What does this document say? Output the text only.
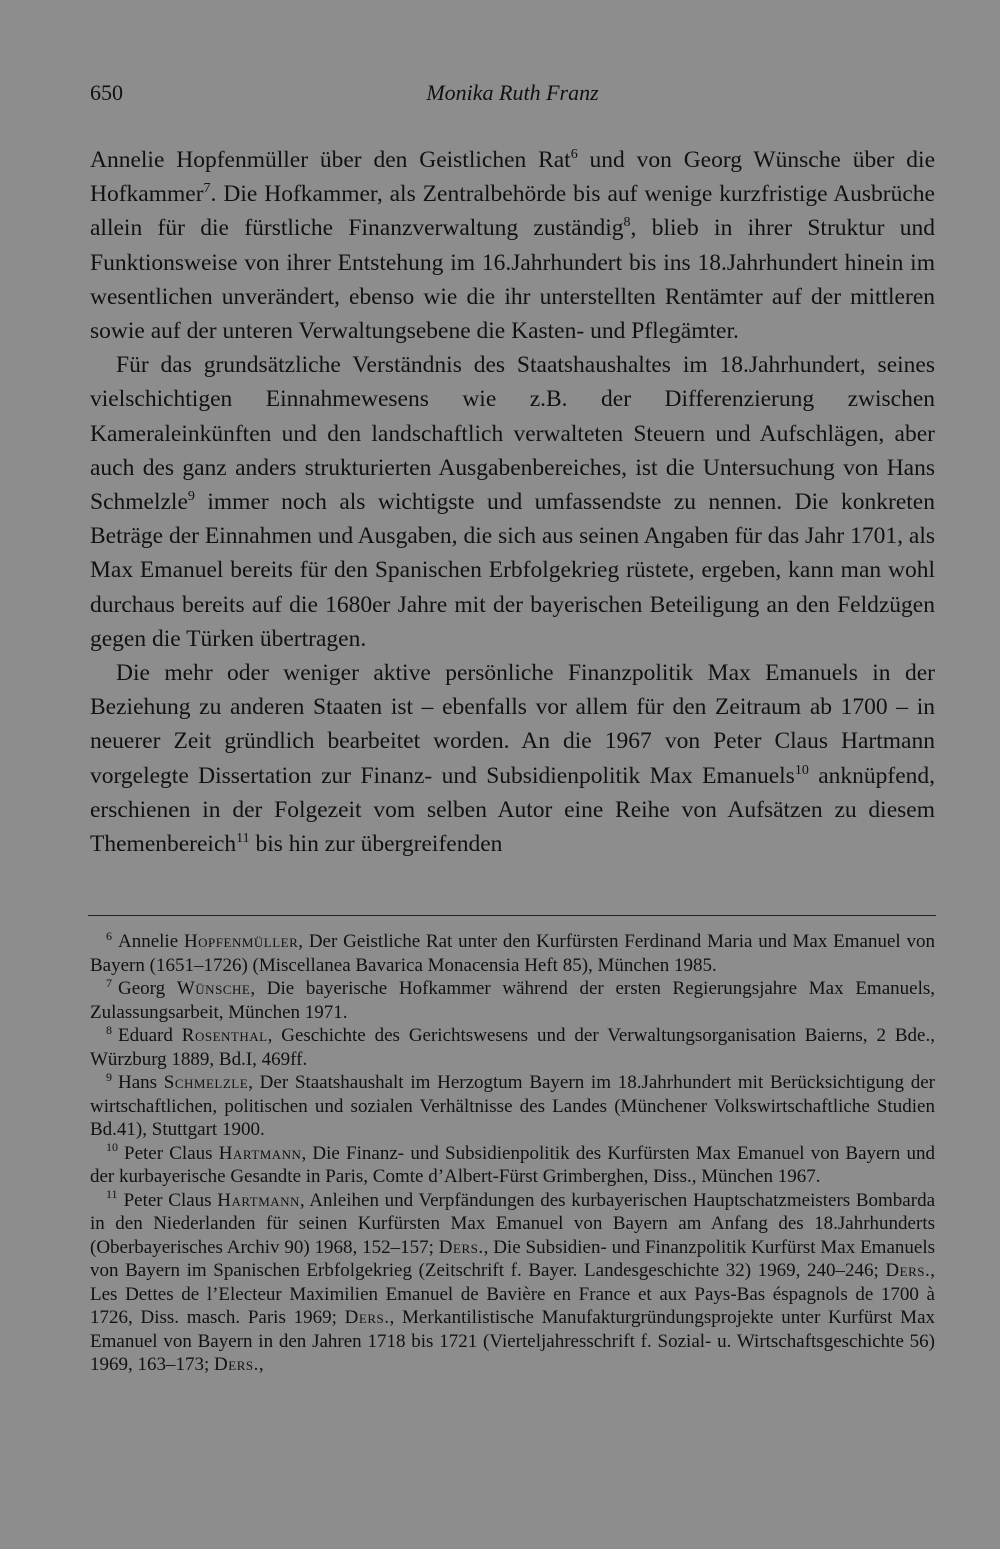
650	Monika Ruth Franz

Annelie Hopfenmüller über den Geistlichen Rat$^6$ und von Georg Wünsche über die Hofkammer$^7$. Die Hofkammer, als Zentralbehörde bis auf wenige kurzfristige Ausbrüche allein für die fürstliche Finanzverwaltung zuständig$^8$, blieb in ihrer Struktur und Funktionsweise von ihrer Entstehung im 16.Jahrhundert bis ins 18.Jahrhundert hinein im wesentlichen unverändert, ebenso wie die ihr unterstellten Rentämter auf der mittleren sowie auf der unteren Verwaltungsebene die Kasten- und Pflegämter.

Für das grundsätzliche Verständnis des Staatshaushaltes im 18.Jahrhundert, seines vielschichtigen Einnahmewesens wie z.B. der Differenzierung zwischen Kameraleinkünften und den landschaftlich verwalteten Steuern und Aufschlägen, aber auch des ganz anders strukturierten Ausgabenbereiches, ist die Untersuchung von Hans Schmelzle$^9$ immer noch als wichtigste und umfassendste zu nennen. Die konkreten Beträge der Einnahmen und Ausgaben, die sich aus seinen Angaben für das Jahr 1701, als Max Emanuel bereits für den Spanischen Erbfolgekrieg rüstete, ergeben, kann man wohl durchaus bereits auf die 1680er Jahre mit der bayerischen Beteiligung an den Feldzügen gegen die Türken übertragen.

Die mehr oder weniger aktive persönliche Finanzpolitik Max Emanuels in der Beziehung zu anderen Staaten ist – ebenfalls vor allem für den Zeitraum ab 1700 – in neuerer Zeit gründlich bearbeitet worden. An die 1967 von Peter Claus Hartmann vorgelegte Dissertation zur Finanz- und Subsidienpolitik Max Emanuels$^{10}$ anknüpfend, erschienen in der Folgezeit vom selben Autor eine Reihe von Aufsätzen zu diesem Themenbereich$^{11}$ bis hin zur übergreifenden

$^6$ Annelie Hopfenmüller, Der Geistliche Rat unter den Kurfürsten Ferdinand Maria und Max Emanuel von Bayern (1651–1726) (Miscellanea Bavarica Monacensia Heft 85), München 1985.

$^7$ Georg Wünsche, Die bayerische Hofkammer während der ersten Regierungsjahre Max Emanuels, Zulassungsarbeit, München 1971.

$^8$ Eduard Rosenthal, Geschichte des Gerichtswesens und der Verwaltungsorganisation Baierns, 2 Bde., Würzburg 1889, Bd.I, 469ff.

$^9$ Hans Schmelzle, Der Staatshaushalt im Herzogtum Bayern im 18.Jahrhundert mit Berücksichtigung der wirtschaftlichen, politischen und sozialen Verhältnisse des Landes (Münchener Volkswirtschaftliche Studien Bd.41), Stuttgart 1900.

$^{10}$ Peter Claus Hartmann, Die Finanz- und Subsidienpolitik des Kurfürsten Max Emanuel von Bayern und der kurbayerische Gesandte in Paris, Comte d’Albert-Fürst Grimberghen, Diss., München 1967.

$^{11}$ Peter Claus Hartmann, Anleihen und Verpfändungen des kurbayerischen Hauptschatzmeisters Bombarda in den Niederlanden für seinen Kurfürsten Max Emanuel von Bayern am Anfang des 18.Jahrhunderts (Oberbayerisches Archiv 90) 1968, 152–157; Ders., Die Subsidien- und Finanzpolitik Kurfürst Max Emanuels von Bayern im Spanischen Erbfolgekrieg (Zeitschrift f. Bayer. Landesgeschichte 32) 1969, 240–246; Ders., Les Dettes de l’Electeur Maximilien Emanuel de Bavière en France et aux Pays-Bas éspagnols de 1700 à 1726, Diss. masch. Paris 1969; Ders., Merkantilistische Manufakturgründungsprojekte unter Kurfürst Max Emanuel von Bayern in den Jahren 1718 bis 1721 (Vierteljahresschrift f. Sozial- u. Wirtschaftsgeschichte 56) 1969, 163–173; Ders.,
